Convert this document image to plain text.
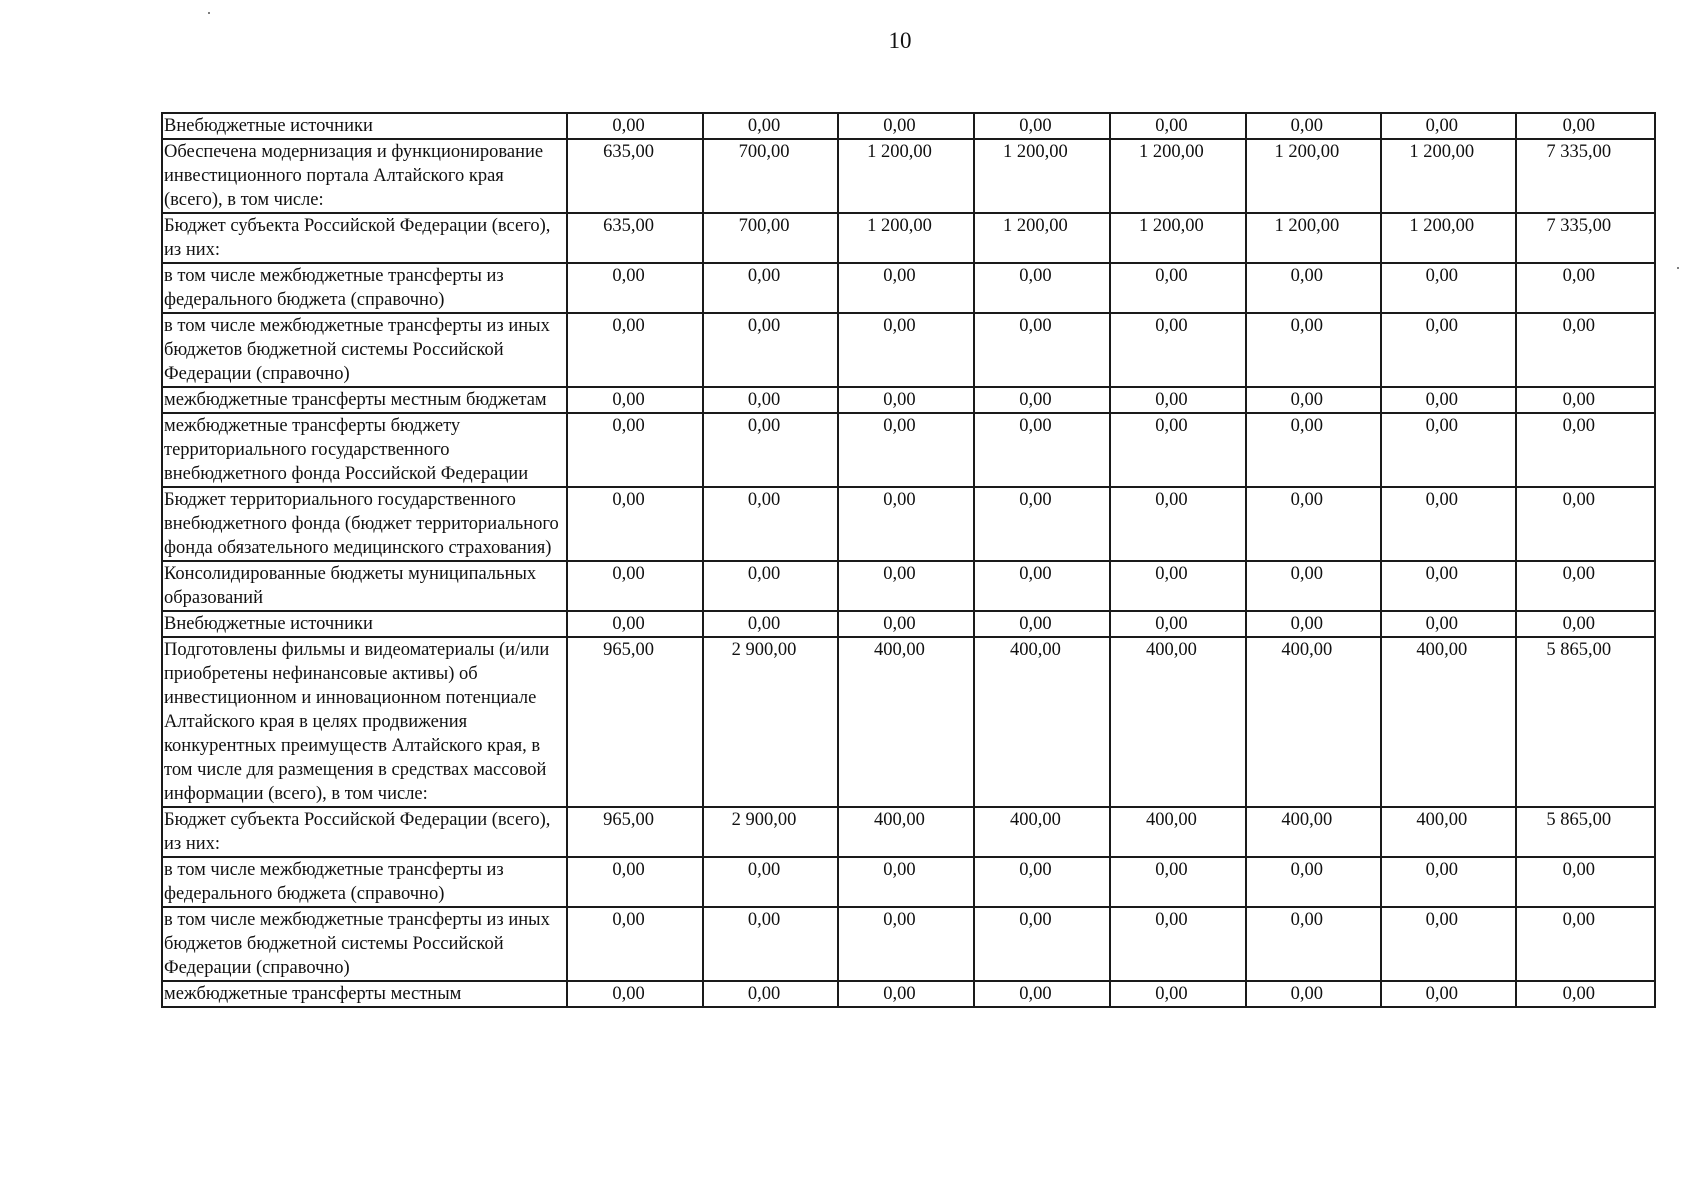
10
Внебюджетные источники	0,00	0,00	0,00	0,00	0,00	0,00	0,00	0,00
Обеспечена модернизация и функционирование инвестиционного портала Алтайского края (всего), в том числе:	635,00	700,00	1 200,00	1 200,00	1 200,00	1 200,00	1 200,00	7 335,00
Бюджет субъекта Российской Федерации (всего), из них:	635,00	700,00	1 200,00	1 200,00	1 200,00	1 200,00	1 200,00	7 335,00
в том числе межбюджетные трансферты из федерального бюджета (справочно)	0,00	0,00	0,00	0,00	0,00	0,00	0,00	0,00
в том числе межбюджетные трансферты из иных бюджетов бюджетной системы Российской Федерации (справочно)	0,00	0,00	0,00	0,00	0,00	0,00	0,00	0,00
межбюджетные трансферты местным бюджетам	0,00	0,00	0,00	0,00	0,00	0,00	0,00	0,00
межбюджетные трансферты бюджету территориального государственного внебюджетного фонда Российской Федерации	0,00	0,00	0,00	0,00	0,00	0,00	0,00	0,00
Бюджет территориального государственного внебюджетного фонда (бюджет территориального фонда обязательного медицинского страхования)	0,00	0,00	0,00	0,00	0,00	0,00	0,00	0,00
Консолидированные бюджеты муниципальных образований	0,00	0,00	0,00	0,00	0,00	0,00	0,00	0,00
Внебюджетные источники	0,00	0,00	0,00	0,00	0,00	0,00	0,00	0,00
Подготовлены фильмы и видеоматериалы (и/или приобретены нефинансовые активы) об инвестиционном и инновационном потенциале Алтайского края в целях продвижения конкурентных преимуществ Алтайского края, в том числе для размещения в средствах массовой информации (всего), в том числе:	965,00	2 900,00	400,00	400,00	400,00	400,00	400,00	5 865,00
Бюджет субъекта Российской Федерации (всего), из них:	965,00	2 900,00	400,00	400,00	400,00	400,00	400,00	5 865,00
в том числе межбюджетные трансферты из федерального бюджета (справочно)	0,00	0,00	0,00	0,00	0,00	0,00	0,00	0,00
в том числе межбюджетные трансферты из иных бюджетов бюджетной системы Российской Федерации (справочно)	0,00	0,00	0,00	0,00	0,00	0,00	0,00	0,00
межбюджетные трансферты местным	0,00	0,00	0,00	0,00	0,00	0,00	0,00	0,00
